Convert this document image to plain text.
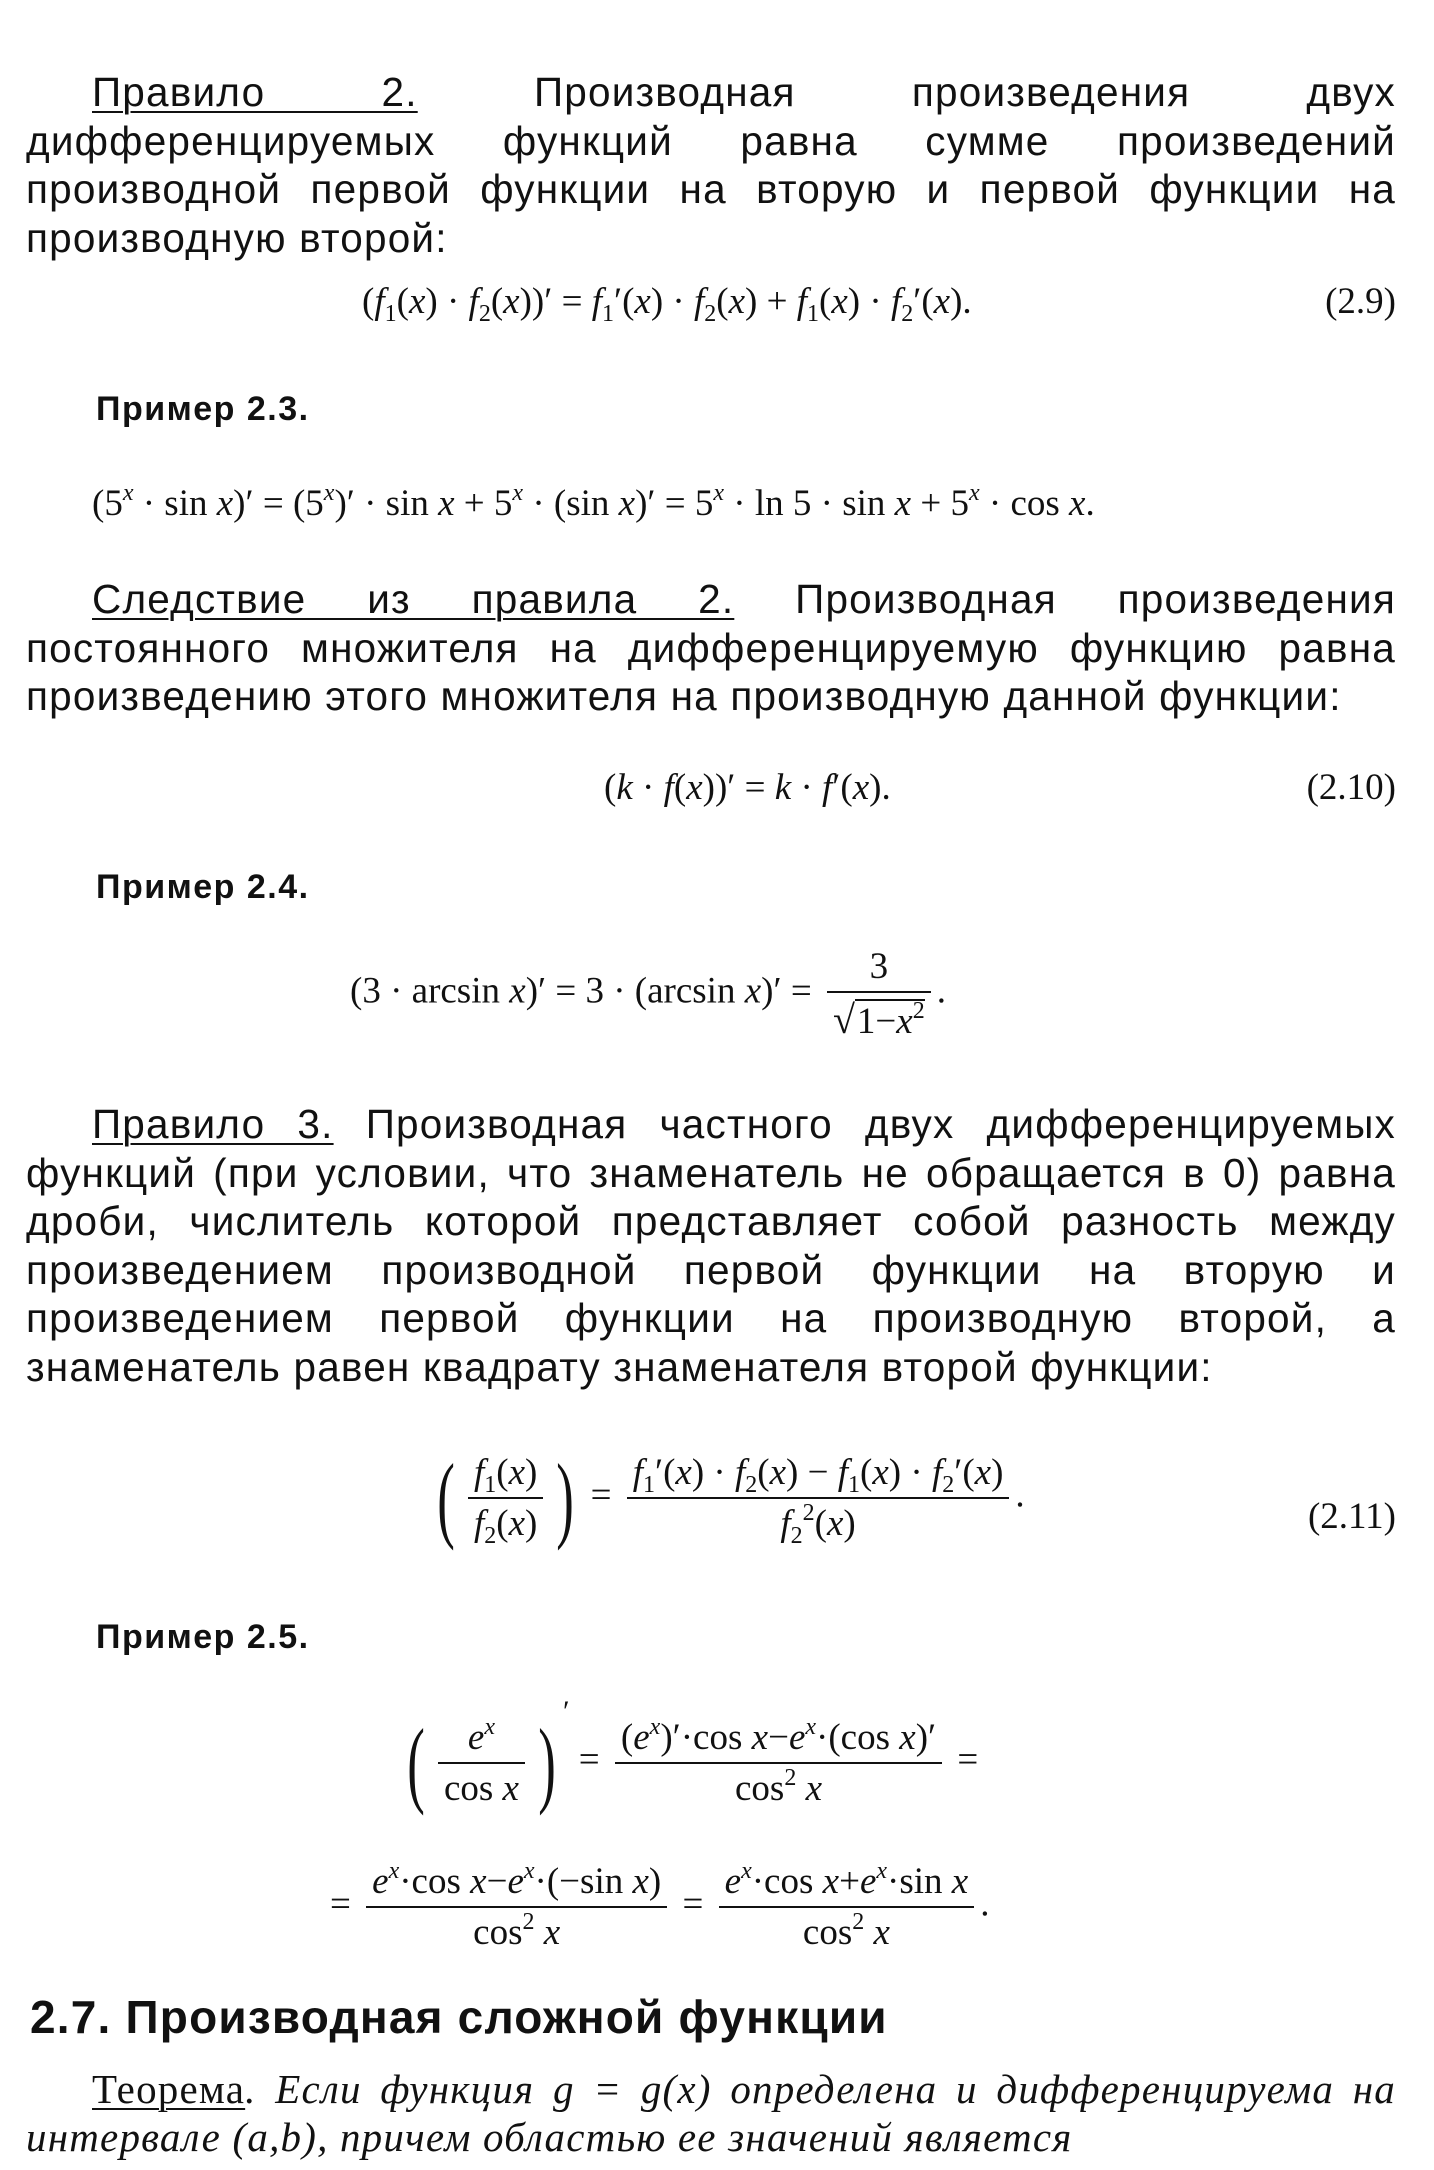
Правило 2. Производная произведения двух дифференцируемых функций равна сумме произведений производной первой функции на вторую и первой функции на производную второй:

$(f_1(x) \cdot f_2(x))' = f_1'(x) \cdot f_2(x) + f_1(x) \cdot f_2'(x)$.	(2.9)
Пример 2.3.
$(5^x \cdot \sin x)' = (5^x)' \cdot \sin x + 5^x \cdot (\sin$ $x)' = 5^x \cdot \ln 5 \cdot \sin x + 5^x \cdot \cos x$.

Следствие из правила 2. Производная произведения постоянного множителя на дифференцируемую функцию равна произведению этого множителя на производную данной функции:

(k · f(x))′ = k · f′(x).	(2.10)
Пример 2.4.
(3 · arcsin x)′ = 3 · (arcsin $x)' = \frac{3}{√1-x^2}$ .

Правило 3. Производная частного двух дифференцируемых функций (при условии, что знаменатель не обращается в 0) равна дроби, числитель которой представляет собой разность между произведением производной первой функции на вторую и произведением первой функции на производную второй, а знаменатель равен квадрату знаменателя второй функции:

( $\frac{f_1(x)}{f_2(x)}$ ) = $\frac{f_1'(x) \cdot f_2(x) - f_1(x) \cdot f_2'(x)}{f_2^2(x)}$ .
(2.11)
Пример 2.5.
( $\frac{e^x}{\text{cos x}}$ ) $' = \frac{(e^x)'\cdot\cos x-e^x\cdot(\cos x)'}{\cos^2 x}$ =
= $\frac{e^x\cdot\cos x-e^x\cdot(-\sin x)}{\cos^2 x} = \frac{e^x\cdot\cos x+e^x\cdot\sin x}{\cos^2 x}$ .
2.7. Производная сложной функции

Теорема. Если функция g = g(x) определена и дифференцируема на интервале (a,b), причем областью ее значений является
